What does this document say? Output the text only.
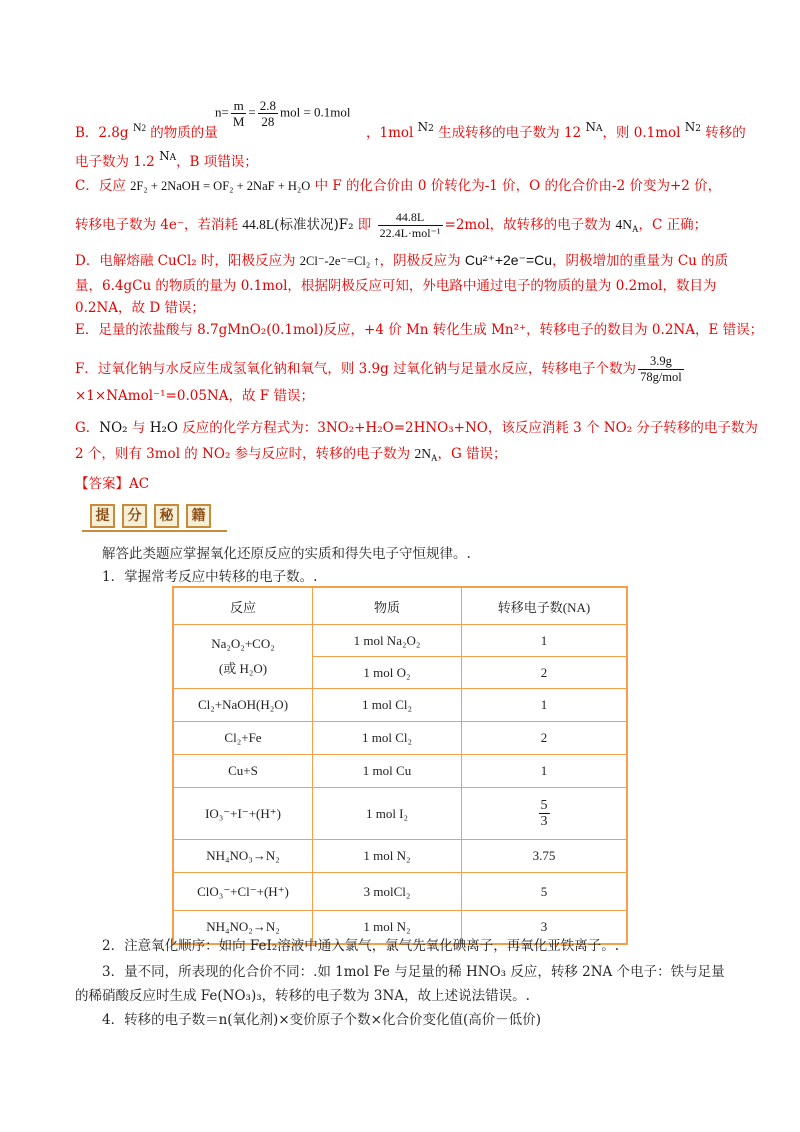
B．2.8g N2 的物质的量
$n= \frac{m}{M} = \frac{2.8}{28}$ mol = 0.1mol
，1mol N2 生成转移的电子数为 12 NA，则 0.1mol N2 转移的
电子数为 1.2 NA，B 项错误；
C．反应 2F₂ + 2NaOH = OF₂ + 2NaF + H₂O 中 F 的化合价由 0 价转化为-1 价，O 的化合价由-2 价变为+2 价，
转移电子数为 4e⁻，若消耗 44.8L(标准状况)F₂ 即 $\frac{44.8L}{\text{22.4L·mol⁻¹}} =2mol$，故转移的电子数为 $4N_A$，C 正确；
D．电解熔融 CuCl₂ 时，阳极反应为 2Cl⁻-2e⁻=Cl₂ ↑，阴极反应为 Cu²⁺+2e⁻=Cu，阴极增加的重量为 Cu 的质
量，6.4gCu 的物质的量为 0.1mol，根据阴极反应可知，外电路中通过电子的物质的量为 0.2mol，数目为
0.2NA，故 D 错误；
E．足量的浓盐酸与 8.7gMnO₂(0.1mol)反应，+4 价 Mn 转化生成 Mn²⁺，转移电子的数目为 0.2NA，E 错误；
F．过氧化钠与水反应生成氢氧化钠和氧气，则 3.9g 过氧化钠与足量水反应，转移电子个数为 $\frac{3.9g}{\text{78g/mol}}$
×1×NAmol⁻¹=0.05NA，故 F 错误；
G．NO₂ 与 H₂O 反应的化学方程式为：3NO₂+H₂O=2HNO₃+NO，该反应消耗 3 个 NO₂ 分子转移的电子数为
2 个，则有 3mol 的 NO₂ 参与反应时，转移的电子数为 $2N_A$，G 错误；
【答案】AC
提	分	秘	籍
解答此类题应掌握氧化还原反应的实质和得失电子守恒规律。.
1．掌握常考反应中转移的电子数。.
反应	物质	转移电子数(NA)

Na₂O₂+CO₂
(或 H₂O)	1 mol Na₂O₂	1
	1 mol O₂	2
Cl₂+NaOH(H₂O)	1 mol Cl₂	1
Cl₂+Fe	1 mol Cl₂	2
Cu+S	1 mol Cu	1
IO₃⁻+I⁻+(H⁺)	1 mol I₂	$\frac{5}{3}$

NH₄NO₃→N₂	1 mol N₂	3.75
ClO₃⁻+Cl⁻+(H⁺)	3 molCl₂	5
NH₄NO₂→N₂	1 mol N₂	3
2．注意氧化顺序：如向 FeI₂溶液中通入氯气，氯气先氧化碘离子，再氧化亚铁离子。.
3．量不同，所表现的化合价不同：.如 1mol Fe 与足量的稀 HNO₃ 反应，转移 2NA 个电子：铁与足量
的稀硝酸反应时生成 Fe(NO₃)₃，转移的电子数为 3NA，故上述说法错误。.
4．转移的电子数＝n(氧化剂)×变价原子个数×化合价变化值(高价－低价)
